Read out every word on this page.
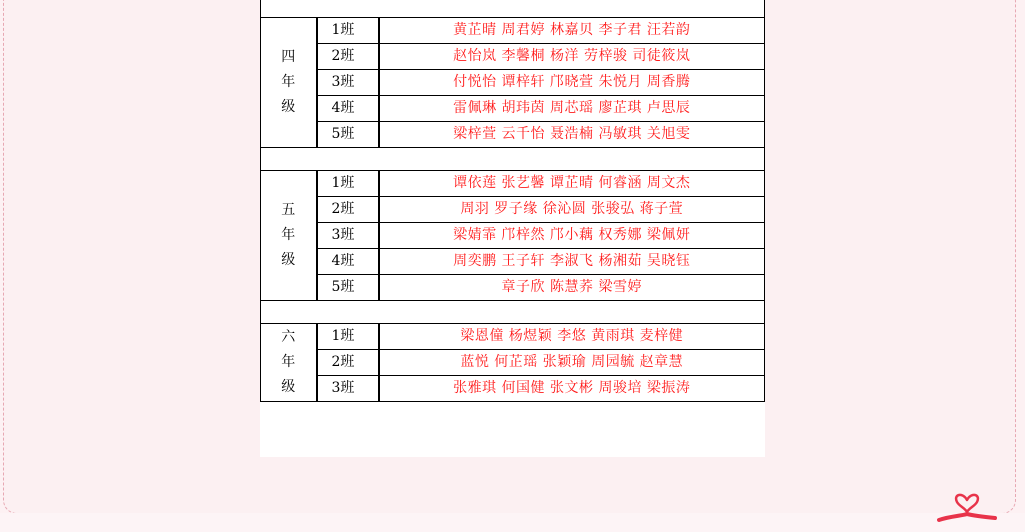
四
年
级	1班	黄芷晴 周君婷 林嘉贝 李子君 汪若韵
	2班	赵怡岚 李馨桐 杨洋 劳梓骏 司徒筱岚
	3班	付悦怡 谭梓轩 邝晓萱 朱悦月 周香腾
	4班	雷佩琳 胡玮茵 周芯瑶 廖芷琪 卢思辰
	5班	梁梓萱 云千怡 聂浩楠 冯敏琪 关旭雯

五
年
级	1班	谭依莲 张艺馨 谭芷晴 何睿涵 周文杰
	2班	周羽 罗子缘 徐沁圆 张骏弘 蒋子萱
	3班	梁婧霏 邝梓然 邝小藕 权秀娜 梁佩妍
	4班	周奕鹏 王子轩 李淑飞 杨湘茹 吴晓钰
	5班	章子欣 陈慧荞 梁雪婷

六
年
级	1班	梁恩僮 杨煜颖 李悠 黄雨琪 麦梓健
	2班	蓝悦 何芷瑶 张颖瑜 周园毓 赵章慧
	3班	张雅琪 何国健 张文彬 周骏培 梁振涛
